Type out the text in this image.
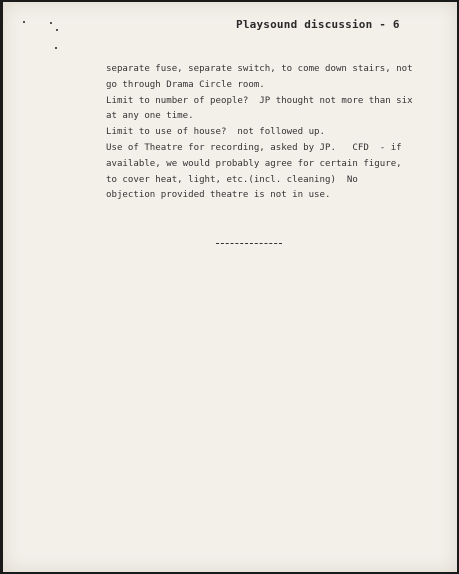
Playsound discussion - 6
separate fuse, separate switch, to come down stairs, not
go through Drama Circle room.
Limit to number of people?  JP thought not more than six
at any one time.
Limit to use of house?  not followed up.
Use of Theatre for recording, asked by JP.   CFD  - if
available, we would probably agree for certain figure,
to cover heat, light, etc.(incl. cleaning)  No
objection provided theatre is not in use.
